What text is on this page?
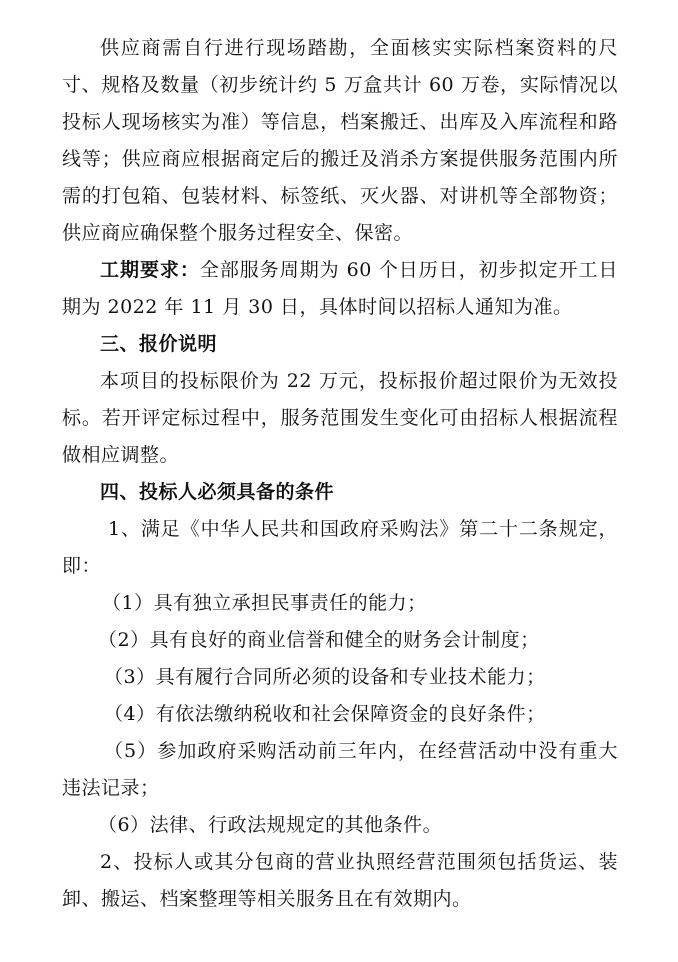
供应商需自行进行现场踏勘，全面核实实际档案资料的尺寸、规格及数量（初步统计约 5 万盒共计 60 万卷，实际情况以投标人现场核实为准）等信息，档案搬迁、出库及入库流程和路线等；供应商应根据商定后的搬迁及消杀方案提供服务范围内所需的打包箱、包装材料、标签纸、灭火器、对讲机等全部物资；供应商应确保整个服务过程安全、保密。

工期要求：全部服务周期为 60 个日历日，初步拟定开工日期为 2022 年 11 月 30 日，具体时间以招标人通知为准。

三、报价说明

本项目的投标限价为 22 万元，投标报价超过限价为无效投标。若开评定标过程中，服务范围发生变化可由招标人根据流程做相应调整。

四、投标人必须具备的条件

1、满足《中华人民共和国政府采购法》第二十二条规定，即：

（1）具有独立承担民事责任的能力；

（2）具有良好的商业信誉和健全的财务会计制度；

（3）具有履行合同所必须的设备和专业技术能力；

（4）有依法缴纳税收和社会保障资金的良好条件；

（5）参加政府采购活动前三年内，在经营活动中没有重大违法记录；

（6）法律、行政法规规定的其他条件。

2、投标人或其分包商的营业执照经营范围须包括货运、装卸、搬运、档案整理等相关服务且在有效期内。
